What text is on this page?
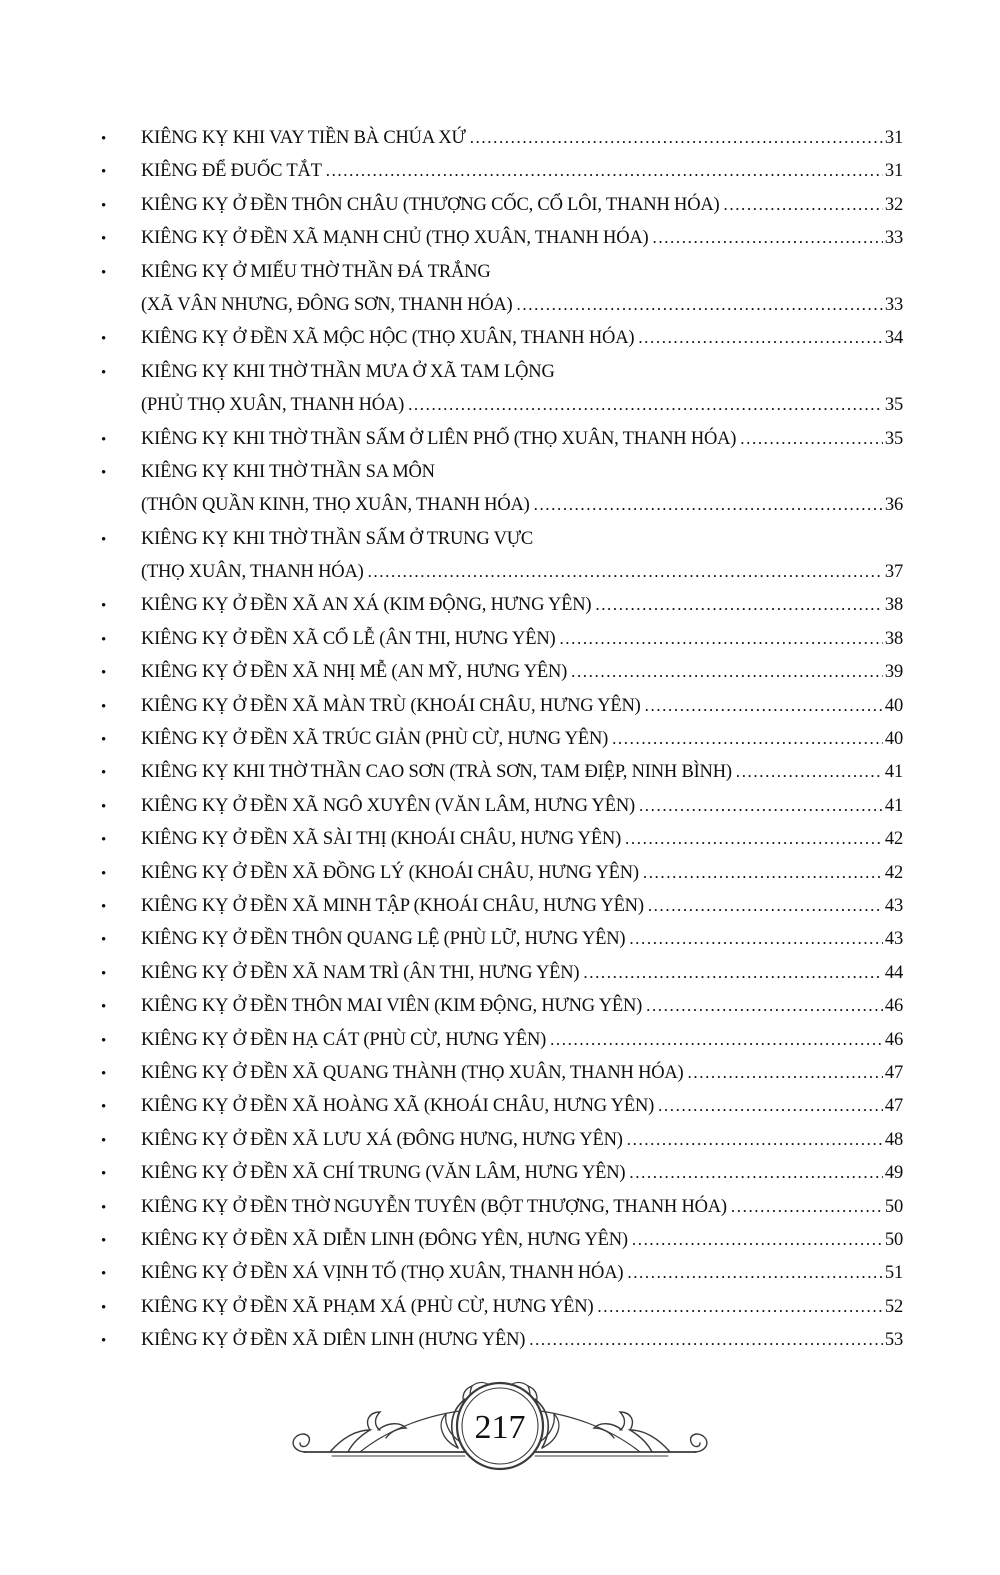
•	KIÊNG KỴ KHI VAY TIỀN BÀ CHÚA XỨ .....	31
•	KIÊNG ĐỂ ĐUỐC TẮT .....	31
•	KIÊNG KỴ Ở ĐỀN THÔN CHÂU (THƯỢNG CỐC, CỔ LÔI, THANH HÓA) .....	32
•	KIÊNG KỴ Ở ĐỀN XÃ MẠNH CHỦ (THỌ XUÂN, THANH HÓA) .....	33
•	KIÊNG KỴ Ở MIẾU THỜ THẦN ĐÁ TRẮNG
(XÃ VÂN NHƯNG, ĐÔNG SƠN, THANH HÓA) .....	33
•	KIÊNG KỴ Ở ĐỀN XÃ MỘC HỘC (THỌ XUÂN, THANH HÓA) .....	34
•	KIÊNG KỴ KHI THỜ THẦN MƯA Ở XÃ TAM LỘNG
(PHỦ THỌ XUÂN, THANH HÓA) .....	35
•	KIÊNG KỴ KHI THỜ THẦN SẤM Ở LIÊN PHỐ (THỌ XUÂN, THANH HÓA) .....	35
•	KIÊNG KỴ KHI THỜ THẦN SA MÔN
(THÔN QUẦN KINH, THỌ XUÂN, THANH HÓA) .....	36
•	KIÊNG KỴ KHI THỜ THẦN SẤM Ở TRUNG VỰC
(THỌ XUÂN, THANH HÓA) .....	37
•	KIÊNG KỴ Ở ĐỀN XÃ AN XÁ (KIM ĐỘNG, HƯNG YÊN) .....	38
•	KIÊNG KỴ Ở ĐỀN XÃ CỔ LỄ (ÂN THI, HƯNG YÊN) .....	38
•	KIÊNG KỴ Ở ĐỀN XÃ NHỊ MỄ (AN MỸ, HƯNG YÊN) .....	39
•	KIÊNG KỴ Ở ĐỀN XÃ MÀN TRÙ (KHOÁI CHÂU, HƯNG YÊN) .....	40
•	KIÊNG KỴ Ở ĐỀN XÃ TRÚC GIẢN (PHÙ CỪ, HƯNG YÊN) .....	40
•	KIÊNG KỴ KHI THỜ THẦN CAO SƠN (TRÀ SƠN, TAM ĐIỆP, NINH BÌNH) .....	41
•	KIÊNG KỴ Ở ĐỀN XÃ NGÔ XUYÊN (VĂN LÂM, HƯNG YÊN) .....	41
•	KIÊNG KỴ Ở ĐỀN XÃ SÀI THỊ (KHOÁI CHÂU, HƯNG YÊN) .....	42
•	KIÊNG KỴ Ở ĐỀN XÃ ĐỒNG LÝ (KHOÁI CHÂU, HƯNG YÊN) .....	42
•	KIÊNG KỴ Ở ĐỀN XÃ MINH TẬP (KHOÁI CHÂU, HƯNG YÊN) .....	43
•	KIÊNG KỴ Ở ĐỀN THÔN QUANG LỆ (PHÙ LỮ, HƯNG YÊN) .....	43
•	KIÊNG KỴ Ở ĐỀN XÃ NAM TRÌ (ÂN THI, HƯNG YÊN) .....	44
•	KIÊNG KỴ Ở ĐỀN THÔN MAI VIÊN (KIM ĐỘNG, HƯNG YÊN) .....	46
•	KIÊNG KỴ Ở ĐỀN HẠ CÁT (PHÙ CỪ, HƯNG YÊN) .....	46
•	KIÊNG KỴ Ở ĐỀN XÃ QUANG THÀNH (THỌ XUÂN, THANH HÓA) .....	47
•	KIÊNG KỴ Ở ĐỀN XÃ HOÀNG XÃ (KHOÁI CHÂU, HƯNG YÊN) .....	47
•	KIÊNG KỴ Ở ĐỀN XÃ LƯU XÁ (ĐÔNG HƯNG, HƯNG YÊN) .....	48
•	KIÊNG KỴ Ở ĐỀN XÃ CHÍ TRUNG (VĂN LÂM, HƯNG YÊN) .....	49
•	KIÊNG KỴ Ở ĐỀN THỜ NGUYỄN TUYÊN (BỘT THƯỢNG, THANH HÓA) .....	50
•	KIÊNG KỴ Ở ĐỀN XÃ DIỄN LINH (ĐÔNG YÊN, HƯNG YÊN) .....	50
•	KIÊNG KỴ Ở ĐỀN XÁ VỊNH TỐ (THỌ XUÂN, THANH HÓA) .....	51
•	KIÊNG KỴ Ở ĐỀN XÃ PHẠM XÁ (PHÙ CỪ, HƯNG YÊN) .....	52
•	KIÊNG KỴ Ở ĐỀN XÃ DIÊN LINH (HƯNG YÊN) .....	53
217
